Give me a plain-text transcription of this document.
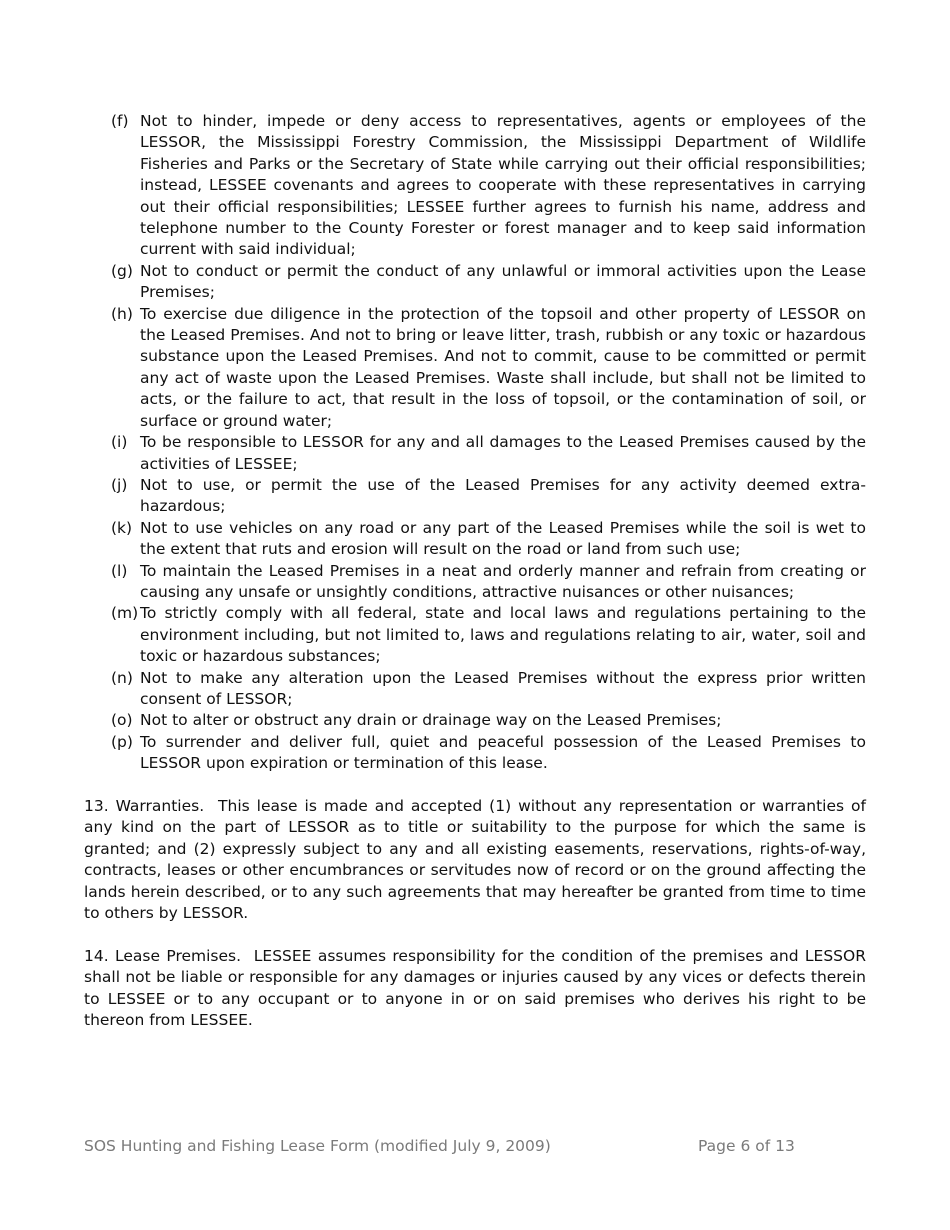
(f) Not to hinder, impede or deny access to representatives, agents or employees of the LESSOR, the Mississippi Forestry Commission, the Mississippi Department of Wildlife Fisheries and Parks or the Secretary of State while carrying out their official responsibilities; instead, LESSEE covenants and agrees to cooperate with these representatives in carrying out their official responsibilities; LESSEE further agrees to furnish his name, address and telephone number to the County Forester or forest manager and to keep said information current with said individual;
(g) Not to conduct or permit the conduct of any unlawful or immoral activities upon the Lease Premises;
(h) To exercise due diligence in the protection of the topsoil and other property of LESSOR on the Leased Premises. And not to bring or leave litter, trash, rubbish or any toxic or hazardous substance upon the Leased Premises. And not to commit, cause to be committed or permit any act of waste upon the Leased Premises. Waste shall include, but shall not be limited to acts, or the failure to act, that result in the loss of topsoil, or the contamination of soil, or surface or ground water;
(i) To be responsible to LESSOR for any and all damages to the Leased Premises caused by the activities of LESSEE;
(j) Not to use, or permit the use of the Leased Premises for any activity deemed extra-hazardous;
(k) Not to use vehicles on any road or any part of the Leased Premises while the soil is wet to the extent that ruts and erosion will result on the road or land from such use;
(l) To maintain the Leased Premises in a neat and orderly manner and refrain from creating or causing any unsafe or unsightly conditions, attractive nuisances or other nuisances;
(m) To strictly comply with all federal, state and local laws and regulations pertaining to the environment including, but not limited to, laws and regulations relating to air, water, soil and toxic or hazardous substances;
(n) Not to make any alteration upon the Leased Premises without the express prior written consent of LESSOR;
(o) Not to alter or obstruct any drain or drainage way on the Leased Premises;
(p) To surrender and deliver full, quiet and peaceful possession of the Leased Premises to LESSOR upon expiration or termination of this lease.

13. Warranties. This lease is made and accepted (1) without any representation or warranties of any kind on the part of LESSOR as to title or suitability to the purpose for which the same is granted; and (2) expressly subject to any and all existing easements, reservations, rights-of-way, contracts, leases or other encumbrances or servitudes now of record or on the ground affecting the lands herein described, or to any such agreements that may hereafter be granted from time to time to others by LESSOR.

14. Lease Premises. LESSEE assumes responsibility for the condition of the premises and LESSOR shall not be liable or responsible for any damages or injuries caused by any vices or defects therein to LESSEE or to any occupant or to anyone in or on said premises who derives his right to be thereon from LESSEE.

SOS Hunting and Fishing Lease Form (modified July 9, 2009)	Page 6 of 13
